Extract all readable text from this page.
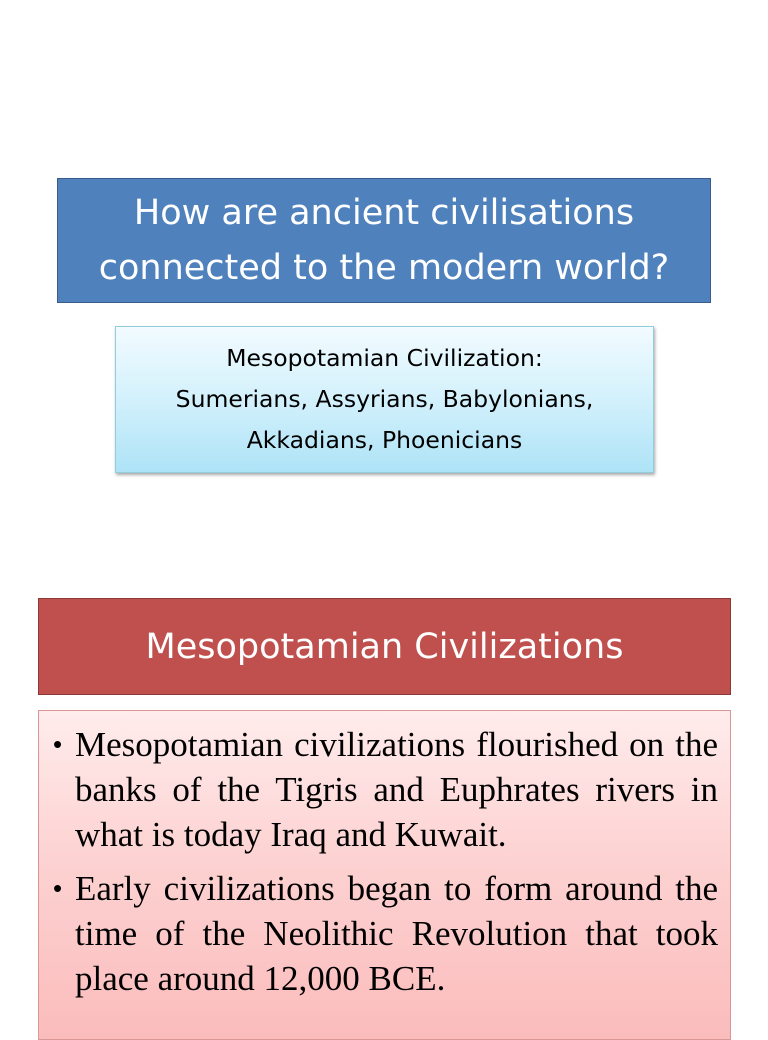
How are ancient civilisations
connected to the modern world?
Mesopotamian Civilization:
Sumerians, Assyrians, Babylonians,
Akkadians, Phoenicians
Mesopotamian Civilizations
• Mesopotamian civilizations flourished on the banks of the Tigris and Euphrates rivers in what is today Iraq and Kuwait.
• Early civilizations began to form around the time of the Neolithic Revolution that took place around 12,000 BCE.
